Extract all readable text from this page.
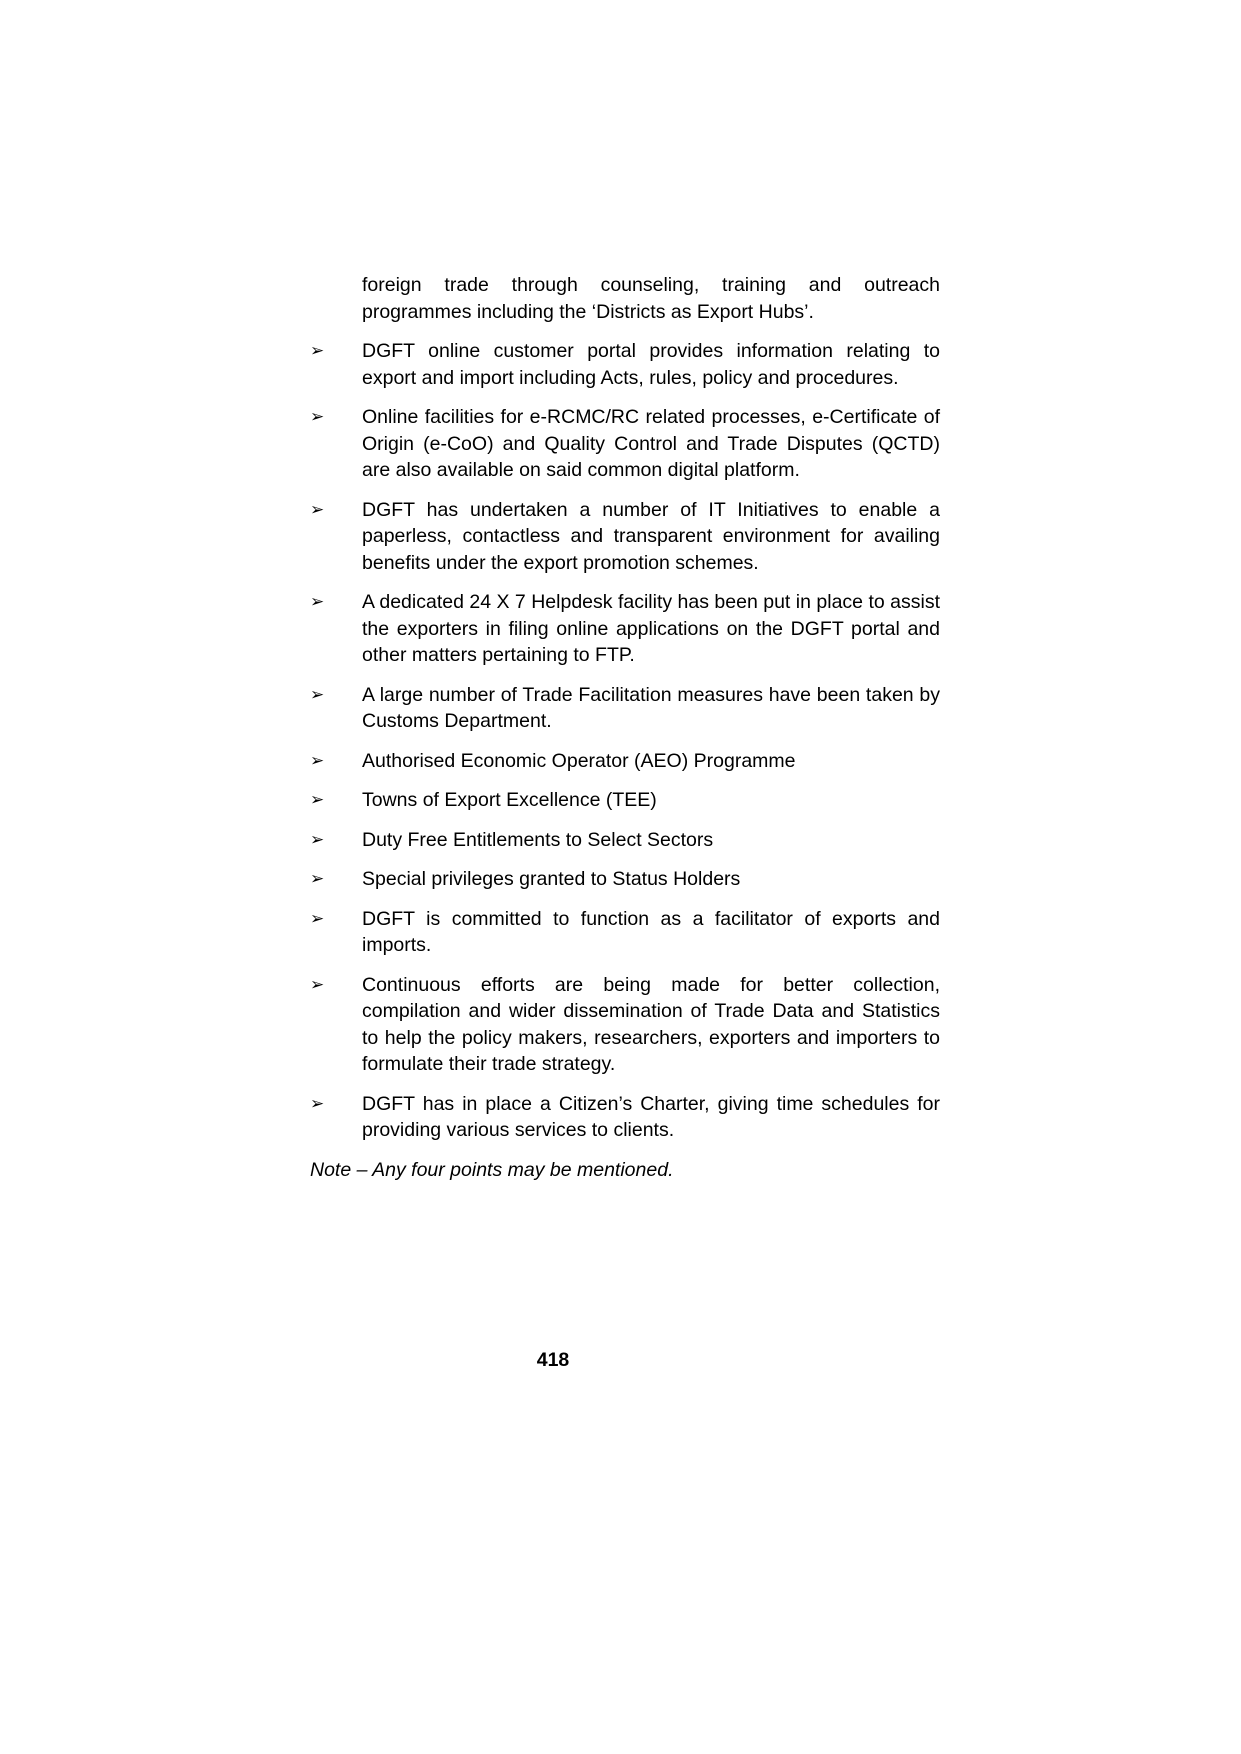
foreign trade through counseling, training and outreach programmes including the ‘Districts as Export Hubs’.

➢	DGFT online customer portal provides information relating to export and import including Acts, rules, policy and procedures.
➢	Online facilities for e-RCMC/RC related processes, e-Certificate of Origin (e-CoO) and Quality Control and Trade Disputes (QCTD) are also available on said common digital platform.
➢	DGFT has undertaken a number of IT Initiatives to enable a paperless, contactless and transparent environment for availing benefits under the export promotion schemes.
➢	A dedicated 24 X 7 Helpdesk facility has been put in place to assist the exporters in filing online applications on the DGFT portal and other matters pertaining to FTP.
➢	A large number of Trade Facilitation measures have been taken by Customs Department.
➢	Authorised Economic Operator (AEO) Programme
➢	Towns of Export Excellence (TEE)
➢	Duty Free Entitlements to Select Sectors
➢	Special privileges granted to Status Holders
➢	DGFT is committed to function as a facilitator of exports and imports.
➢	Continuous efforts are being made for better collection, compilation and wider dissemination of Trade Data and Statistics to help the policy makers, researchers, exporters and importers to formulate their trade strategy.
➢	DGFT has in place a Citizen’s Charter, giving time schedules for providing various services to clients.

Note – Any four points may be mentioned.

418
